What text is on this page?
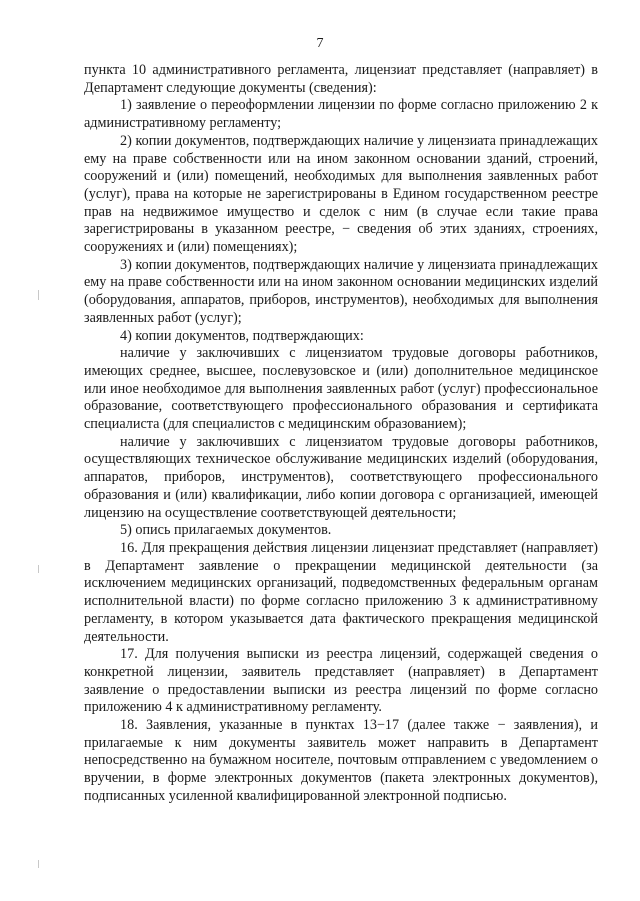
7

пункта 10 административного регламента, лицензиат представляет (направляет) в Департамент следующие документы (сведения):

1) заявление о переоформлении лицензии по форме согласно приложению 2 к административному регламенту;

2) копии документов, подтверждающих наличие у лицензиата принадлежащих ему на праве собственности или на ином законном основании зданий, строений, сооружений и (или) помещений, необходимых для выполнения заявленных работ (услуг), права на которые не зарегистрированы в Едином государственном реестре прав на недвижимое имущество и сделок с ним (в случае если такие права зарегистрированы в указанном реестре, − сведения об этих зданиях, строениях, сооружениях и (или) помещениях);

3) копии документов, подтверждающих наличие у лицензиата принадлежащих ему на праве собственности или на ином законном основании медицинских изделий (оборудования, аппаратов, приборов, инструментов), необходимых для выполнения заявленных работ (услуг);

4) копии документов, подтверждающих:

наличие у заключивших с лицензиатом трудовые договоры работников, имеющих среднее, высшее, послевузовское и (или) дополнительное медицинское или иное необходимое для выполнения заявленных работ (услуг) профессиональное образование, соответствующего профессионального образования и сертификата специалиста (для специалистов с медицинским образованием);

наличие у заключивших с лицензиатом трудовые договоры работников, осуществляющих техническое обслуживание медицинских изделий (оборудования, аппаратов, приборов, инструментов), соответствующего профессионального образования и (или) квалификации, либо копии договора с организацией, имеющей лицензию на осуществление соответствующей деятельности;

5) опись прилагаемых документов.

16. Для прекращения действия лицензии лицензиат представляет (направляет) в Департамент заявление о прекращении медицинской деятельности (за исключением медицинских организаций, подведомственных федеральным органам исполнительной власти) по форме согласно приложению 3 к административному регламенту, в котором указывается дата фактического прекращения медицинской деятельности.

17. Для получения выписки из реестра лицензий, содержащей сведения о конкретной лицензии, заявитель представляет (направляет) в Департамент заявление о предоставлении выписки из реестра лицензий по форме согласно приложению 4 к административному регламенту.

18. Заявления, указанные в пунктах 13−17 (далее также − заявления), и прилагаемые к ним документы заявитель может направить в Департамент непосредственно на бумажном носителе, почтовым отправлением с уведомлением о вручении, в форме электронных документов (пакета электронных документов), подписанных усиленной квалифицированной электронной подписью.
